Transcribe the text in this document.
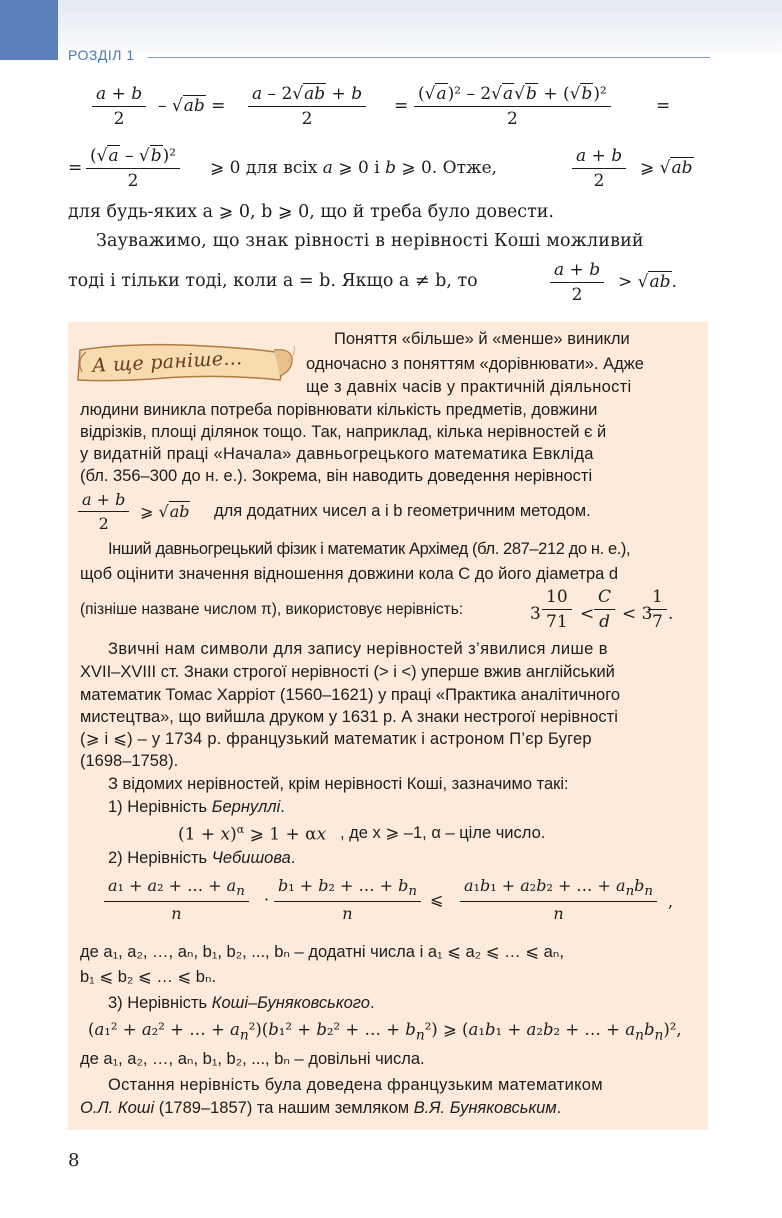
РОЗДІЛ 1
$\frac{a + b}{2} - √ab = \frac{a - 2√ab + b}{2} = \frac{\text{(√a)² – 2√a√b + (√b)²}}{2}$	=
= $\frac{\text{(√a – √b)²}}{2}$ ⩾ 0 для всіх a ⩾ 0 і b ⩾ 0. Отже,	$\frac{a + b}{2}$ ⩾ √ab
для будь-яких a ⩾ 0, b ⩾ 0, що й треба було довести.
Зауважимо, що знак рівності в нерівності Коші можливий
тоді і тільки тоді, коли a = b. Якщо a ≠ b, то	$\frac{a + b}{2} > √ab$.
А ще раніше...
Поняття «більше» й «менше» виникли
одночасно з поняттям «дорівнювати». Адже
ще з давніх часів у практичній діяльності
людини виникла потреба порівнювати кількість предметів, довжини
відрізків, площі ділянок тощо. Так, наприклад, кілька нерівностей є й
у видатній праці «Начала» давньогрецького математика Евкліда
(бл. 356–300 до н. е.). Зокрема, він наводить доведення нерівності
$\frac{a + b}{2}$ ⩾ √ab для додатних чисел a і b геометричним методом.
Інший давньогрецький фізик і математик Архімед (бл. 287–212 до н. е.),
щоб оцінити значення відношення довжини кола C до його діаметра d
(пізніше назване числом π), використовує нерівність:	$3 \frac{10}{71} < \frac{C}{d} < 3$
$\frac{1}{7}$ .
Звичні нам символи для запису нерівностей з’явилися лише в
XVII–XVIII ст. Знаки строгої нерівності (> і <) уперше вжив англійський
математик Томас Харріот (1560–1621) у праці «Практика аналітичного
мистецтва», що вийшла друком у 1631 р. А знаки нестрогої нерівності
(⩾ і ⩽) – у 1734 р. французький математик і астроном П’єр Бугер
(1698–1758).
З відомих нерівностей, крім нерівності Коші, зазначимо такі:
1) Нерівність Бернуллі.
$(1 + x)^\alpha$ ⩾ 1 + αx , де x ⩾ –1, α – ціле число.
2) Нерівність Чебишова.
$\frac{a_1 + a_2 + \dots + a_n}{n} \cdot \frac{b_1 + b_2 + \dots + b_n}{n}$ ⩽
a₁b₁ + a₂b₂ + … + $a_nb_n$
n
,
де a₁, a₂, …, aₙ, b₁, b₂, ..., bₙ – додатні числа і a₁ ⩽ a₂ ⩽ … ⩽ aₙ,
b₁ ⩽ b₂ ⩽ … ⩽ bₙ.
3) Нерівність Коші–Буняковського.
(a₁² + a₂² + … + $a_n^2)(b_1^2 + b_2^2$ + … + $b_n^2$) ⩾ (a₁b₁ + a₂b₂ + … + $a_nb_n)^2$,
де a₁, a₂, …, aₙ, b₁, b₂, ..., bₙ – довільні числа.
Остання нерівність була доведена французьким математиком
О.Л. Коші (1789–1857) та нашим земляком В.Я. Буняковським.
8
